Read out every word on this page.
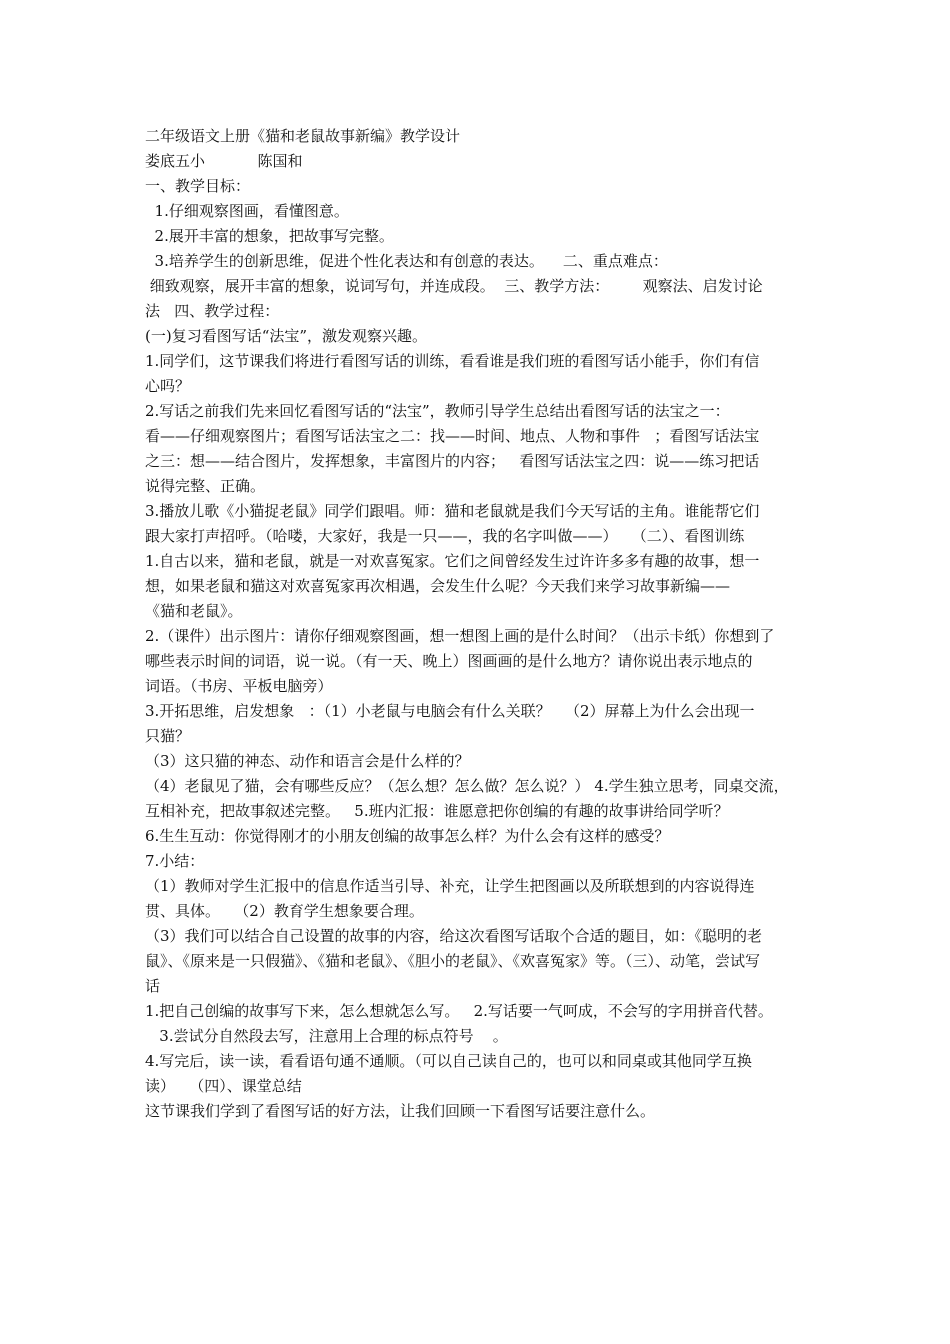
二年级语文上册《猫和老鼠故事新编》教学设计
娄底五小           陈国和
一、教学目标：
1.仔细观察图画，看懂图意。
2.展开丰富的想象，把故事写完整。
3.培养学生的创新思维，促进个性化表达和有创意的表达。    二、重点难点：
细致观察，展开丰富的想象，说词写句，并连成段。  三、教学方法：       观察法、启发讨论
法   四、教学过程：
(一)复习看图写话“法宝”，激发观察兴趣。
1.同学们，这节课我们将进行看图写话的训练，看看谁是我们班的看图写话小能手，你们有信
心吗？
2.写话之前我们先来回忆看图写话的“法宝”，教师引导学生总结出看图写话的法宝之一：
看——仔细观察图片；看图写话法宝之二：找——时间、地点、人物和事件   ；看图写话法宝
之三：想——结合图片，发挥想象，丰富图片的内容；   看图写话法宝之四：说——练习把话
说得完整、正确。
3.播放儿歌《小猫捉老鼠》同学们跟唱。师：猫和老鼠就是我们今天写话的主角。谁能帮它们
跟大家打声招呼。（哈喽，大家好，我是一只——，我的名字叫做——）   （二）、看图训练
1.自古以来，猫和老鼠，就是一对欢喜冤家。它们之间曾经发生过许许多多有趣的故事，想一
想，如果老鼠和猫这对欢喜冤家再次相遇，会发生什么呢？今天我们来学习故事新编——
《猫和老鼠》。
2.（课件）出示图片：请你仔细观察图画，想一想图上画的是什么时间？（出示卡纸）你想到了
哪些表示时间的词语，说一说。（有一天、晚上）图画画的是什么地方？请你说出表示地点的
词语。（书房、平板电脑旁）
3.开拓思维，启发想象   ：（1）小老鼠与电脑会有什么关联？   （2）屏幕上为什么会出现一
只猫？
（3）这只猫的神态、动作和语言会是什么样的？
（4）老鼠见了猫，会有哪些反应？（怎么想？怎么做？怎么说？） 4.学生独立思考，同桌交流，
互相补充，把故事叙述完整。   5.班内汇报：谁愿意把你创编的有趣的故事讲给同学听？
6.生生互动：你觉得刚才的小朋友创编的故事怎么样？为什么会有这样的感受？
7.小结：
（1）教师对学生汇报中的信息作适当引导、补充，让学生把图画以及所联想到的内容说得连
贯、具体。   （2）教育学生想象要合理。
（3）我们可以结合自己设置的故事的内容，给这次看图写话取个合适的题目，如：《聪明的老
鼠》、《原来是一只假猫》、《猫和老鼠》、《胆小的老鼠》、《欢喜冤家》等。（三）、动笔，尝试写
话
1.把自己创编的故事写下来，怎么想就怎么写。   2.写话要一气呵成，不会写的字用拼音代替。
3.尝试分自然段去写，注意用上合理的标点符号    。
4.写完后，读一读，看看语句通不通顺。（可以自己读自己的，也可以和同桌或其他同学互换
读）   （四）、课堂总结
这节课我们学到了看图写话的好方法，让我们回顾一下看图写话要注意什么。
